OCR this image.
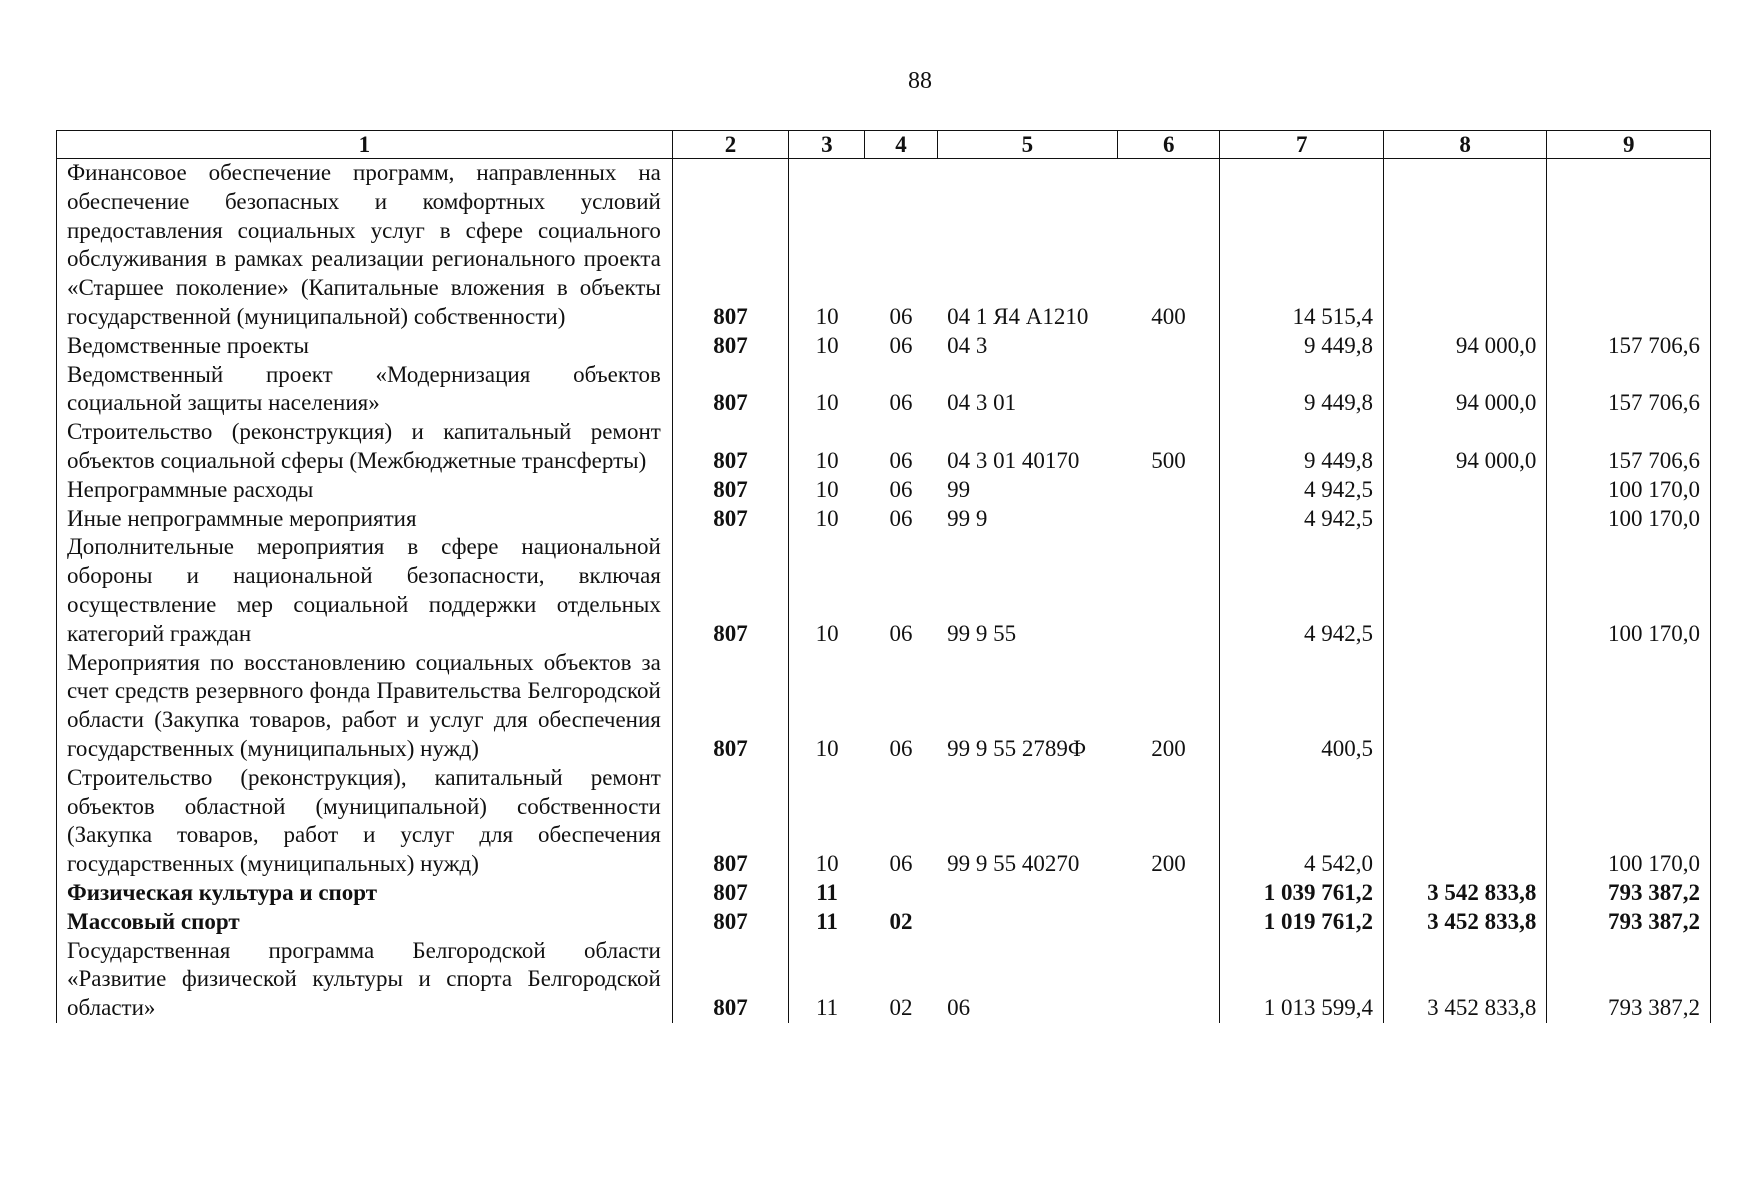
88
1	2	3	4	5	6	7	8	9
Финансовое обеспечение программ, направленных на обеспечение безопасных и комфортных условий предоставления социальных услуг в сфере социального обслуживания в рамках реализации регионального проекта «Старшее поколение» (Капитальные вложения в объекты государственной (муниципальной) собственности)	807	10	06	04 1 Я4 А1210	400	14 515,4		
Ведомственные проекты	807	10	06	04 3		9 449,8	94 000,0	157 706,6
Ведомственный проект «Модернизация объектов социальной защиты населения»	807	10	06	04 3 01		9 449,8	94 000,0	157 706,6
Строительство (реконструкция) и капитальный ремонт объектов социальной сферы (Межбюджетные трансферты)	807	10	06	04 3 01 40170	500	9 449,8	94 000,0	157 706,6
Непрограммные расходы	807	10	06	99		4 942,5		100 170,0
Иные непрограммные мероприятия	807	10	06	99 9		4 942,5		100 170,0
Дополнительные мероприятия в сфере национальной обороны и национальной безопасности, включая осуществление мер социальной поддержки отдельных категорий граждан	807	10	06	99 9 55		4 942,5		100 170,0
Мероприятия по восстановлению социальных объектов за счет средств резервного фонда Правительства Белгородской области (Закупка товаров, работ и услуг для обеспечения государственных (муниципальных) нужд)	807	10	06	99 9 55 2789Ф	200	400,5		
Строительство (реконструкция), капитальный ремонт объектов областной (муниципальной) собственности (Закупка товаров, работ и услуг для обеспечения государственных (муниципальных) нужд)	807	10	06	99 9 55 40270	200	4 542,0		100 170,0
Физическая культура и спорт	807	11				1 039 761,2	3 542 833,8	793 387,2
Массовый спорт	807	11	02			1 019 761,2	3 452 833,8	793 387,2
Государственная программа Белгородской области «Развитие физической культуры и спорта Белгородской области»	807	11	02	06		1 013 599,4	3 452 833,8	793 387,2
